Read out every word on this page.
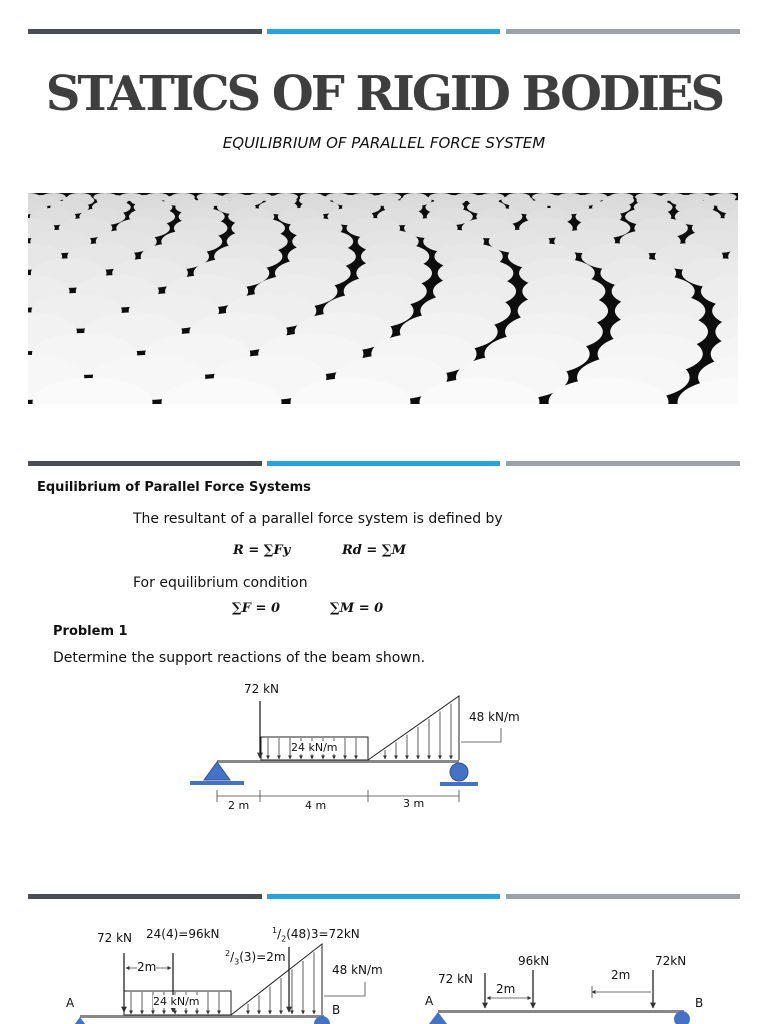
STATICS OF RIGID BODIES
EQUILIBRIUM OF PARALLEL FORCE SYSTEM
Equilibrium of Parallel Force Systems
The resultant of a parallel force system is defined by
R = ∑Fy	Rd = ∑M
For equilibrium condition
∑F = 0	∑M = 0
Problem 1
Determine the support reactions of the beam shown.
72 kN
24 kN/m
48 kN/m
2 m	4 m	3 m
72 kN 24(4)=96kN	$^1/_2(48)3=72kN$
$^2/_3(3)=2m$
2m
24 kN/m
48 kN/m
A	B
72 kN
96kN	72kN
2m
2m
A	B
